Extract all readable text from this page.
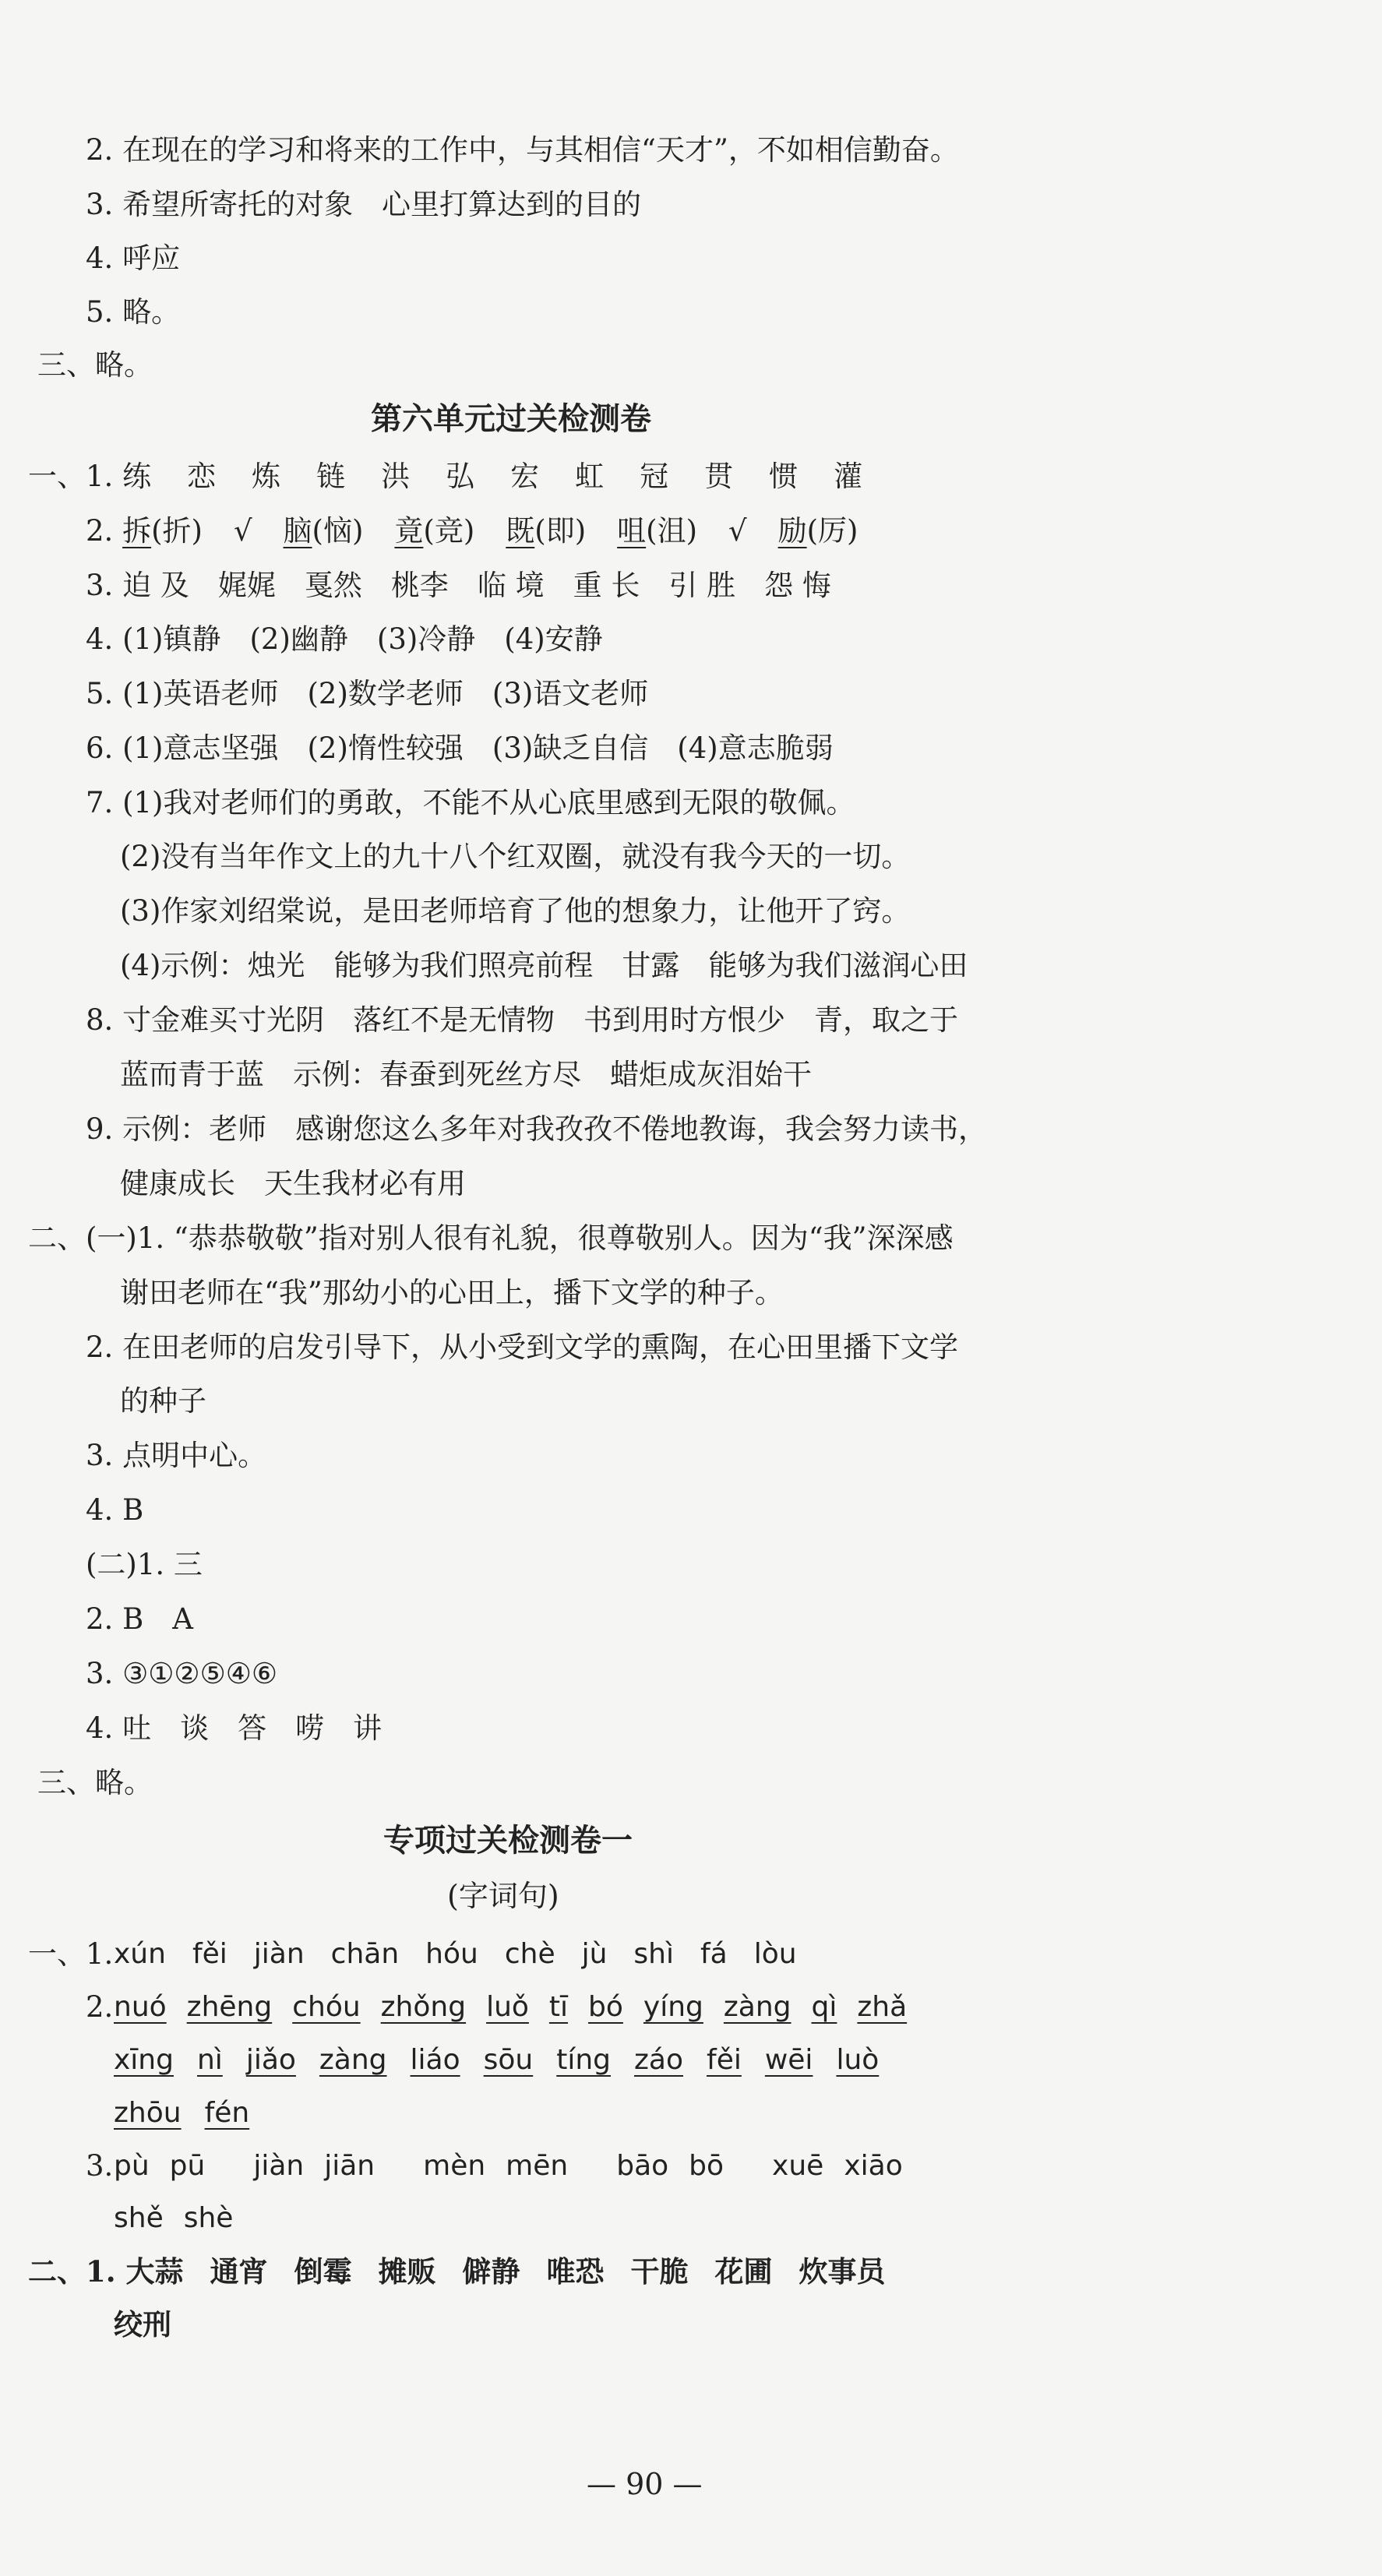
2. 在现在的学习和将来的工作中，与其相信“天才”，不如相信勤奋。
3. 希望所寄托的对象　心里打算达到的目的
4. 呼应
5. 略。
三、略。
第六单元过关检测卷
一、1. 练 恋 炼 链 洪 弘 宏 虹 冠 贯 惯 灌
2. 拆(折) √ 脑(恼) 竟(竞) 既(即) 咀(沮) √ 励(厉)
3. 迫 及　娓娓　戛然　桃李　临 境　重 长　引 胜　怨 悔
4. (1)镇静　(2)幽静　(3)冷静　(4)安静
5. (1)英语老师　(2)数学老师　(3)语文老师
6. (1)意志坚强　(2)惰性较强　(3)缺乏自信　(4)意志脆弱
7. (1)我对老师们的勇敢，不能不从心底里感到无限的敬佩。
(2)没有当年作文上的九十八个红双圈，就没有我今天的一切。
(3)作家刘绍棠说，是田老师培育了他的想象力，让他开了窍。
(4)示例：烛光　能够为我们照亮前程　甘露　能够为我们滋润心田
8. 寸金难买寸光阴　落红不是无情物　书到用时方恨少　青，取之于
蓝而青于蓝　示例：春蚕到死丝方尽　蜡炬成灰泪始干
9. 示例：老师　感谢您这么多年对我孜孜不倦地教诲，我会努力读书，
健康成长　天生我材必有用
二、(一)1. “恭恭敬敬”指对别人很有礼貌，很尊敬别人。因为“我”深深感
谢田老师在“我”那幼小的心田上，播下文学的种子。
2. 在田老师的启发引导下，从小受到文学的熏陶，在心田里播下文学
的种子
3. 点明中心。
4. B
(二)1. 三
2. B　A
3. ③①②⑤④⑥
4. 吐　谈　答　唠　讲
三、略。
专项过关检测卷一
(字词句)
一、1. xún fěi jiàn chān hóu chè jù shì fá lòu
2. nuó zhēng chóu zhǒng luǒ tī bó yíng zàng qì zhǎ
xīng nì jiǎo zàng liáo sōu tíng záo fěi wēi luò
zhōu fén
3. pù pū jiàn jiān mèn mēn bāo bō xuē xiāo
shě shè
二、1. 大蒜 通宵 倒霉 摊贩 僻静 唯恐 干脆 花圃 炊事员
绞刑
— 90 —
